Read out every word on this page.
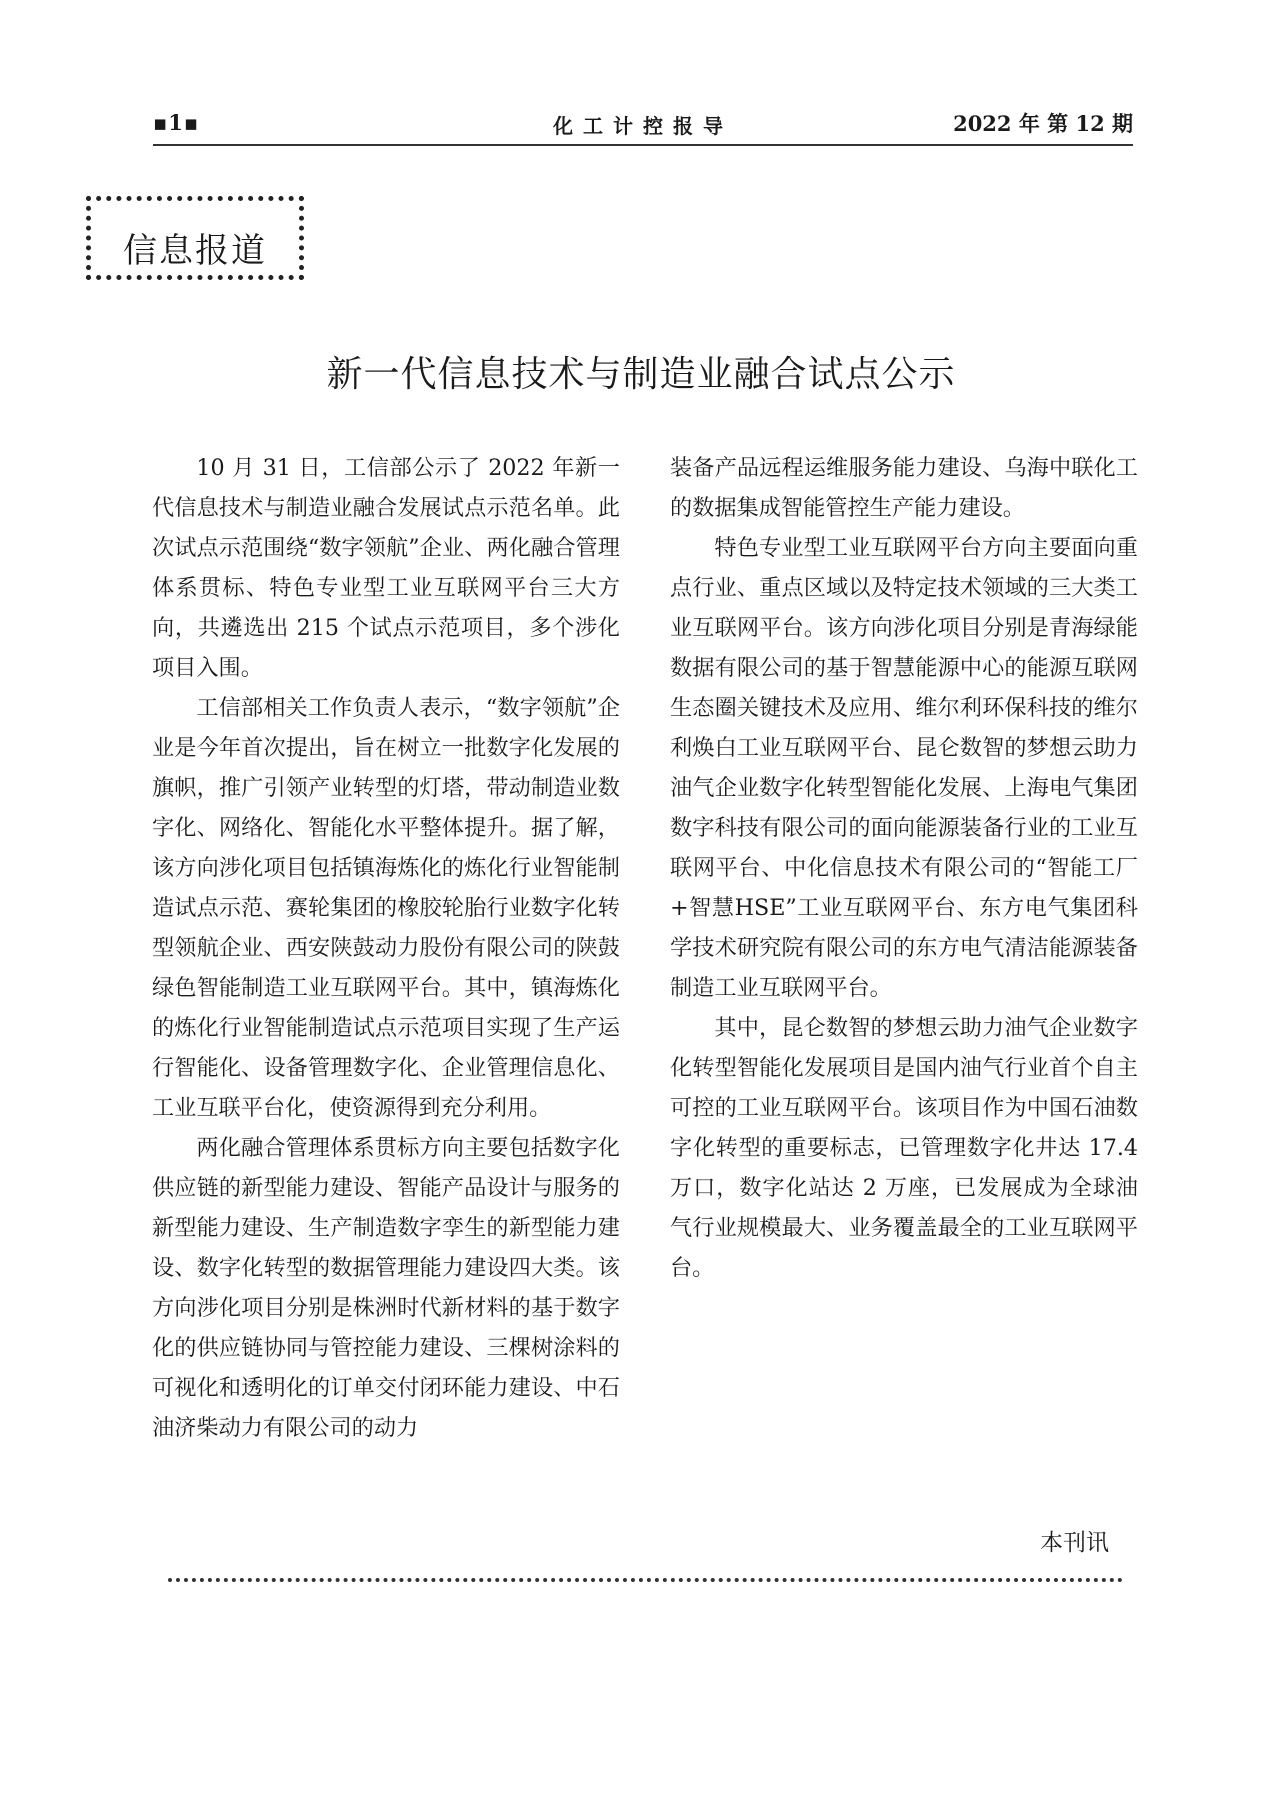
▪1▪	化工计控报导	2022 年 第 12 期
信息报道
新一代信息技术与制造业融合试点公示

10 月 31 日，工信部公示了 2022 年新一代信息技术与制造业融合发展试点示范名单。此次试点示范围绕“数字领航”企业、两化融合管理体系贯标、特色专业型工业互联网平台三大方向，共遴选出 215 个试点示范项目，多个涉化项目入围。

工信部相关工作负责人表示，“数字领航”企业是今年首次提出，旨在树立一批数字化发展的旗帜，推广引领产业转型的灯塔，带动制造业数字化、网络化、智能化水平整体提升。据了解，该方向涉化项目包括镇海炼化的炼化行业智能制造试点示范、赛轮集团的橡胶轮胎行业数字化转型领航企业、西安陕鼓动力股份有限公司的陕鼓绿色智能制造工业互联网平台。其中，镇海炼化的炼化行业智能制造试点示范项目实现了生产运行智能化、设备管理数字化、企业管理信息化、工业互联平台化，使资源得到充分利用。

两化融合管理体系贯标方向主要包括数字化供应链的新型能力建设、智能产品设计与服务的新型能力建设、生产制造数字孪生的新型能力建设、数字化转型的数据管理能力建设四大类。该方向涉化项目分别是株洲时代新材料的基于数字化的供应链协同与管控能力建设、三棵树涂料的可视化和透明化的订单交付闭环能力建设、中石油济柴动力有限公司的动力

装备产品远程运维服务能力建设、乌海中联化工的数据集成智能管控生产能力建设。

特色专业型工业互联网平台方向主要面向重点行业、重点区域以及特定技术领域的三大类工业互联网平台。该方向涉化项目分别是青海绿能数据有限公司的基于智慧能源中心的能源互联网生态圈关键技术及应用、维尔利环保科技的维尔利焕白工业互联网平台、昆仑数智的梦想云助力油气企业数字化转型智能化发展、上海电气集团数字科技有限公司的面向能源装备行业的工业互联网平台、中化信息技术有限公司的“智能工厂+智慧HSE”工业互联网平台、东方电气集团科学技术研究院有限公司的东方电气清洁能源装备制造工业互联网平台。

其中，昆仑数智的梦想云助力油气企业数字化转型智能化发展项目是国内油气行业首个自主可控的工业互联网平台。该项目作为中国石油数字化转型的重要标志，已管理数字化井达 17.4 万口，数字化站达 2 万座，已发展成为全球油气行业规模最大、业务覆盖最全的工业互联网平台。

本刊讯
